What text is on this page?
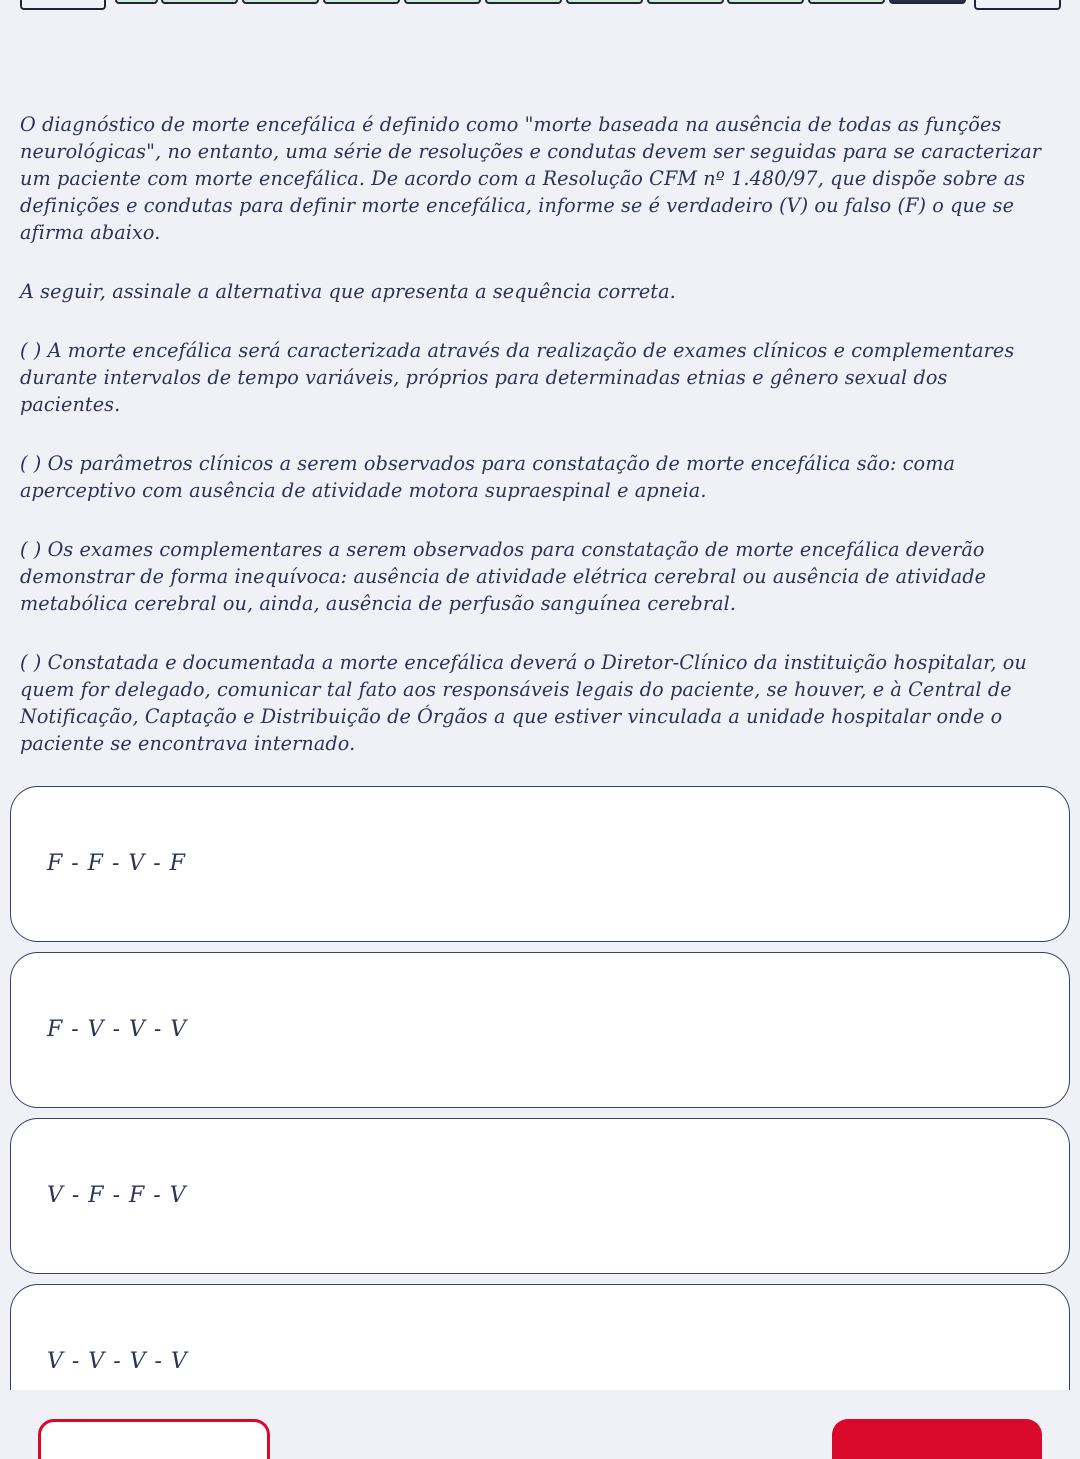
O diagnóstico de morte encefálica é definido como "morte baseada na ausência de todas as funções neurológicas", no entanto, uma série de resoluções e condutas devem ser seguidas para se caracterizar um paciente com morte encefálica. De acordo com a Resolução CFM nº 1.480/97, que dispõe sobre as definições e condutas para definir morte encefálica, informe se é verdadeiro (V) ou falso (F) o que se afirma abaixo.

A seguir, assinale a alternativa que apresenta a sequência correta.

( ) A morte encefálica será caracterizada através da realização de exames clínicos e complementares durante intervalos de tempo variáveis, próprios para determinadas etnias e gênero sexual dos pacientes.

( ) Os parâmetros clínicos a serem observados para constatação de morte encefálica são: coma aperceptivo com ausência de atividade motora supraespinal e apneia.

( ) Os exames complementares a serem observados para constatação de morte encefálica deverão demonstrar de forma inequívoca: ausência de atividade elétrica cerebral ou ausência de atividade metabólica cerebral ou, ainda, ausência de perfusão sanguínea cerebral.

( ) Constatada e documentada a morte encefálica deverá o Diretor-Clínico da instituição hospitalar, ou quem for delegado, comunicar tal fato aos responsáveis legais do paciente, se houver, e à Central de Notificação, Captação e Distribuição de Órgãos a que estiver vinculada a unidade hospitalar onde o paciente se encontrava internado.

F - F - V - F
F - V - V - V
V - F - F - V
V - V - V - V
